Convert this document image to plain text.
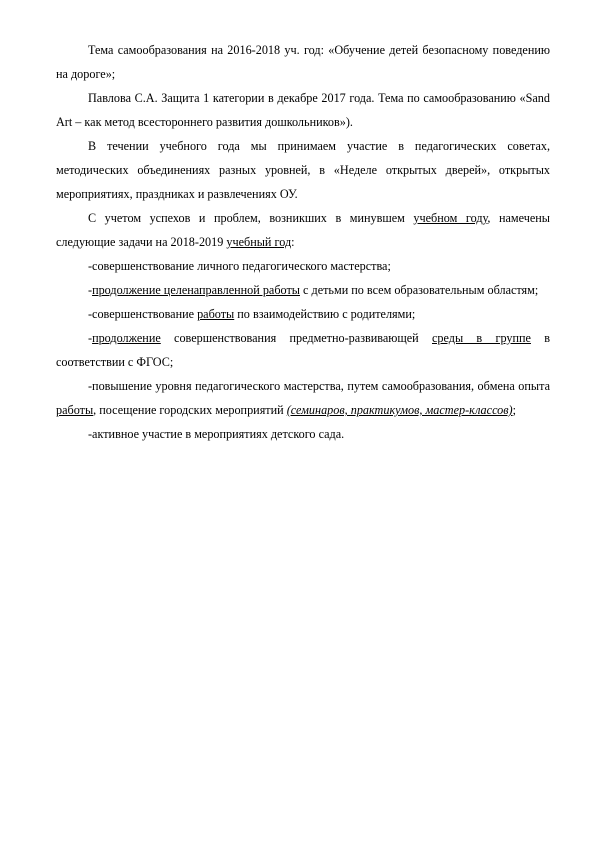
Тема самообразования на 2016-2018 уч. год: «Обучение детей безопасному поведению на дороге»;

Павлова С.А. Защита 1 категории в декабре 2017 года. Тема по самообразованию «Sand Art – как метод всестороннего развития дошкольников»).

В течении учебного года мы принимаем участие в педагогических советах, методических объединениях разных уровней, в «Неделе открытых дверей», открытых мероприятиях, праздниках и развлечениях ОУ.

С учетом успехов и проблем, возникших в минувшем учебном году, намечены следующие задачи на 2018-2019 учебный год:

-совершенствование личного педагогического мастерства;

-продолжение целенаправленной работы с детьми по всем образовательным областям;

-совершенствование работы по взаимодействию с родителями;

-продолжение совершенствования предметно-развивающей среды в группе в соответствии с ФГОС;

-повышение уровня педагогического мастерства, путем самообразования, обмена опыта работы, посещение городских мероприятий (семинаров, практикумов, мастер-классов);

-активное участие в мероприятиях детского сада.
